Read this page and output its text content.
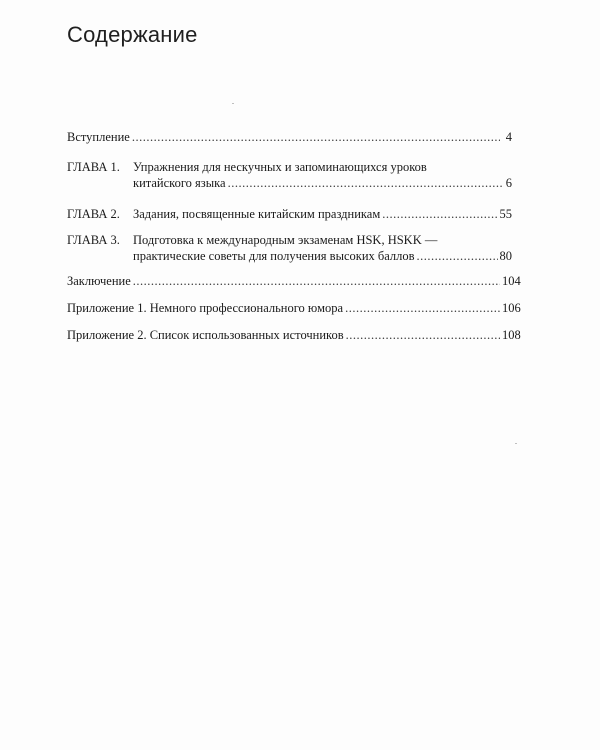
Содержание
Вступление .....	4
ГЛАВА 1. Упражнения для нескучных и запоминающихся уроков
китайского языка .....	6
ГЛАВА 2. Задания, посвященные китайским праздникам .....	55
ГЛАВА 3. Подготовка к международным экзаменам HSK, HSKK —
практические советы для получения высоких баллов .....	80
Заключение .....	104
Приложение 1. Немного профессионального юмора .....	106
Приложение 2. Список использованных источников .....	108
